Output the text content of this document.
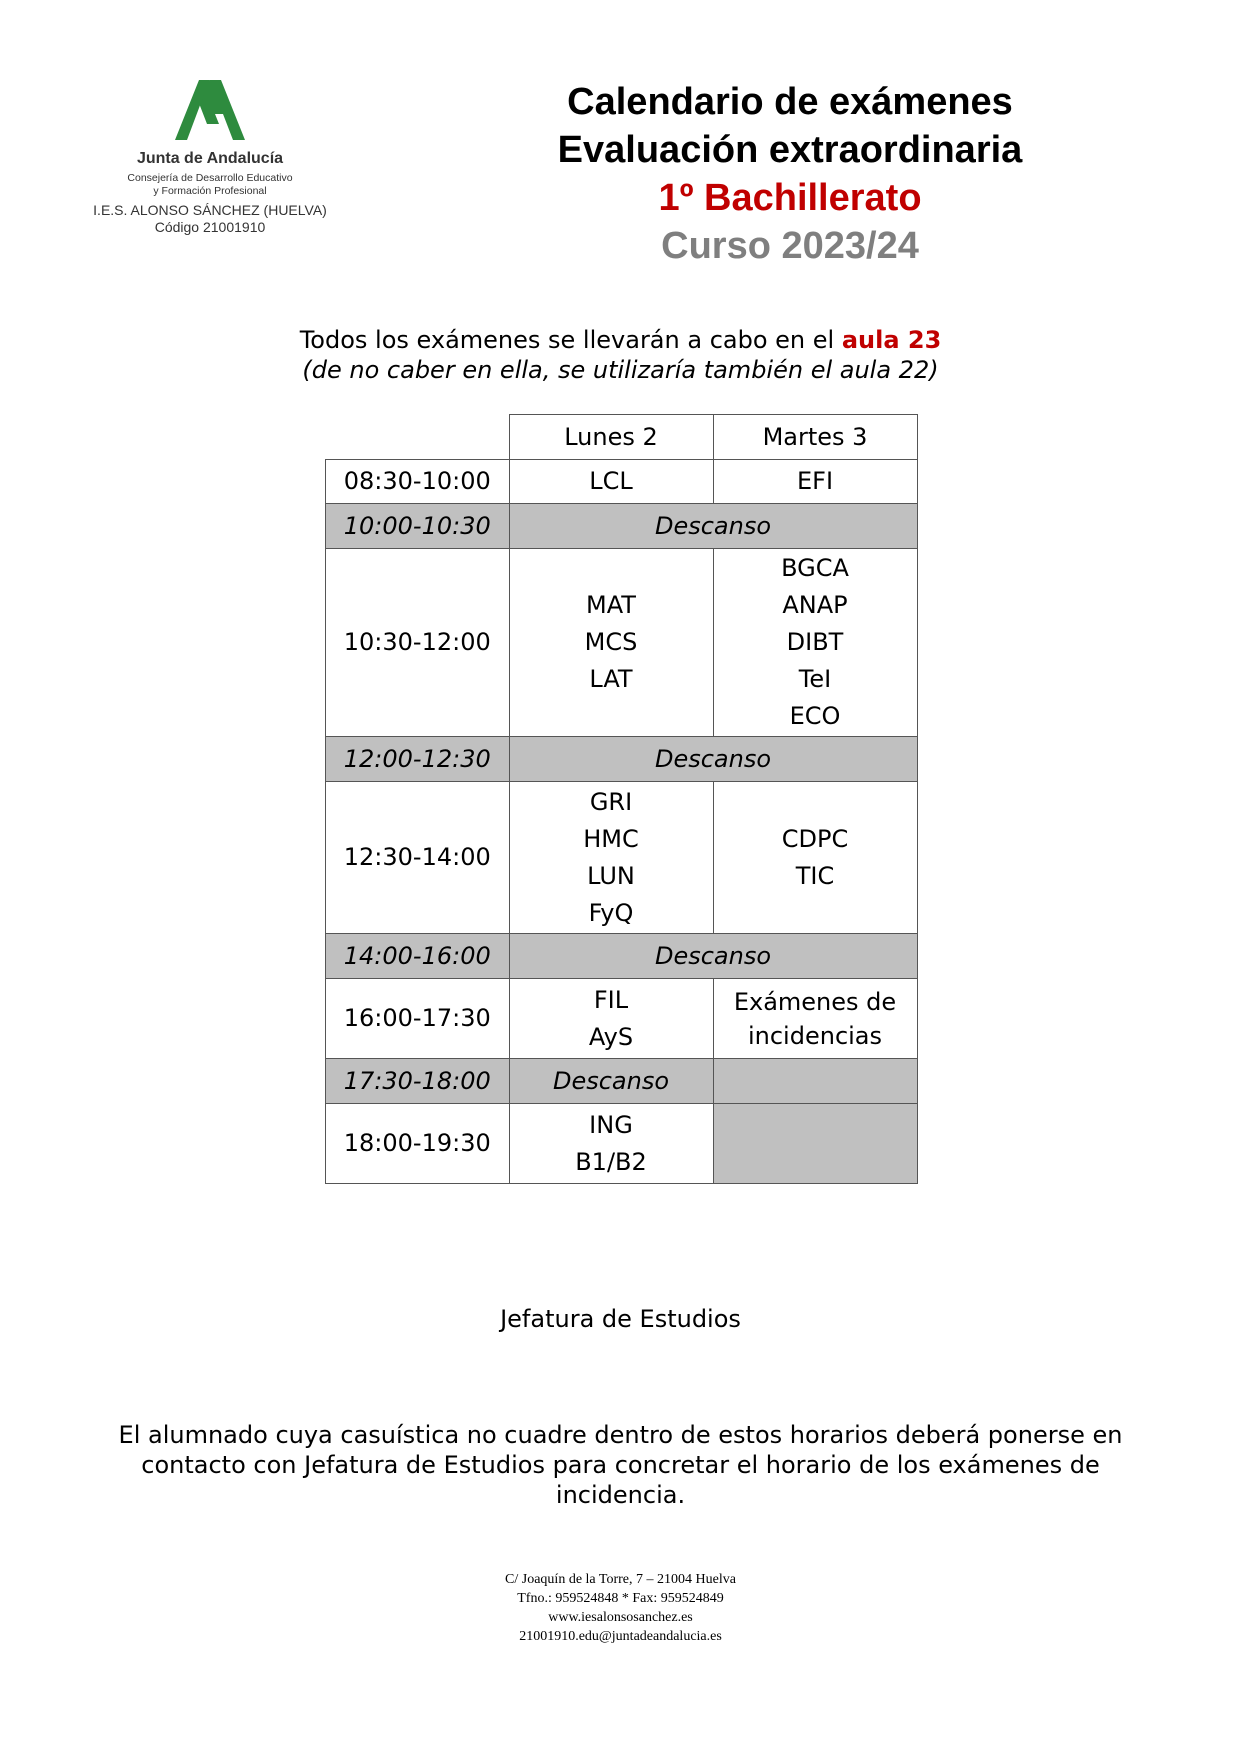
Junta de Andalucía
Consejería de Desarrollo Educativo
y Formación Profesional
I.E.S. ALONSO SÁNCHEZ (HUELVA)
Código 21001910
Calendario de exámenes
Evaluación extraordinaria
1º Bachillerato
Curso 2023/24
Todos los exámenes se llevarán a cabo en el aula 23
(de no caber en ella, se utilizaría también el aula 22)
	Lunes 2	Martes 3
08:30-10:00	LCL	EFI

10:00-10:30	Descanso	
10:30-12:00	MAT
MCS
LAT	BGCA
ANAP
DIBT
TeI
ECO

12:00-12:30	Descanso	
12:30-14:00	GRI
HMC
LUN
FyQ	CDPC
TIC

14:00-16:00	Descanso	
16:00-17:30	FIL
AyS	Exámenes de
incidencias

17:30-18:00	Descanso	
18:00-19:30	ING
B1/B2	

Jefatura de Estudios
El alumnado cuya casuística no cuadre dentro de estos horarios deberá ponerse en contacto con Jefatura de Estudios para concretar el horario de los exámenes de incidencia.
C/ Joaquín de la Torre, 7 – 21004 Huelva
Tfno.: 959524848 * Fax: 959524849
www.iesalonsosanchez.es
21001910.edu@juntadeandalucia.es
